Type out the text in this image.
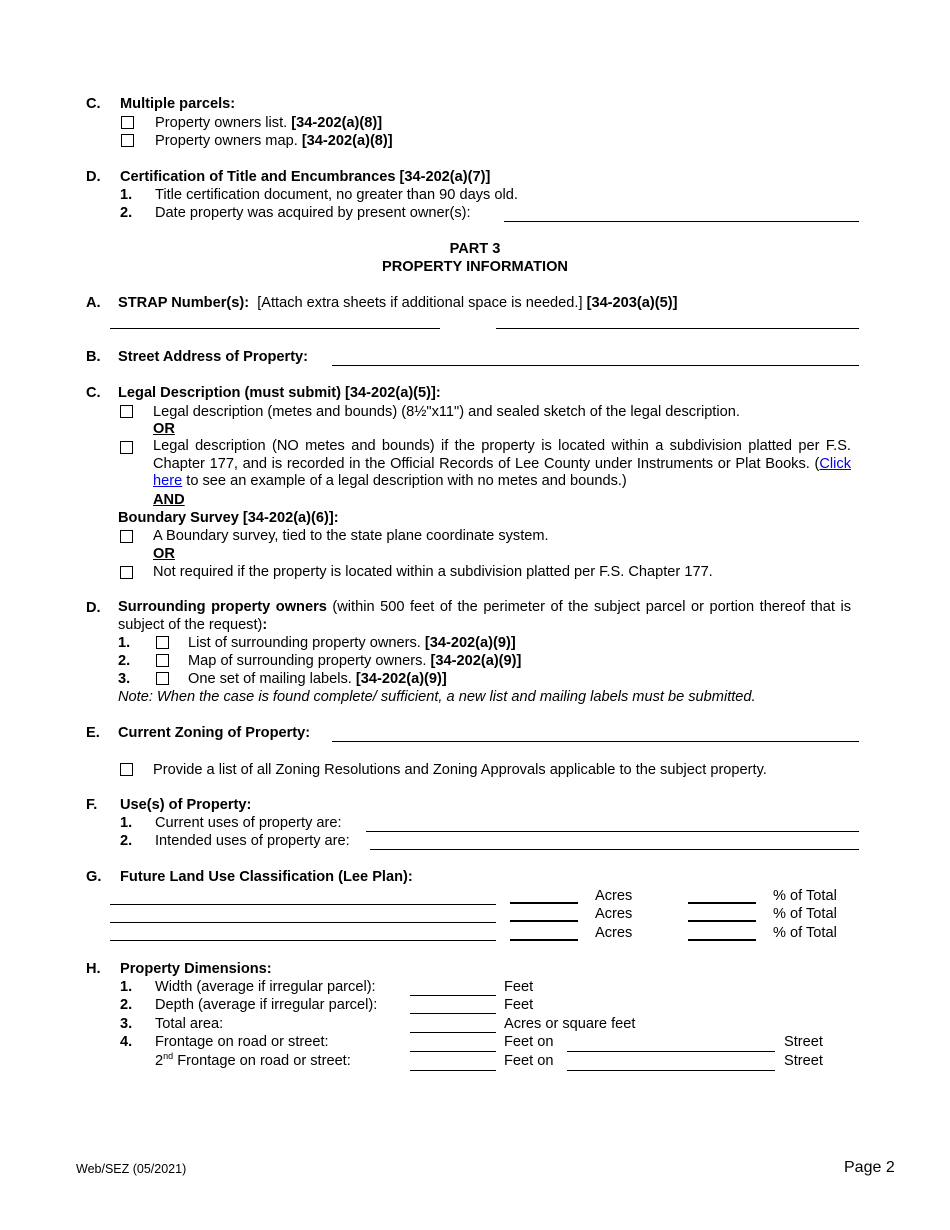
C. Multiple parcels:
Property owners list. [34-202(a)(8)]
Property owners map. [34-202(a)(8)]
D. Certification of Title and Encumbrances [34-202(a)(7)]
1. Title certification document, no greater than 90 days old.
2. Date property was acquired by present owner(s):
PART 3
PROPERTY INFORMATION
A. STRAP Number(s): [Attach extra sheets if additional space is needed.] [34-203(a)(5)]
B. Street Address of Property:
C. Legal Description (must submit) [34-202(a)(5)]:
Legal description (metes and bounds) (8½"x11") and sealed sketch of the legal description.
OR
Legal description (NO metes and bounds) if the property is located within a subdivision platted per F.S. Chapter 177, and is recorded in the Official Records of Lee County under Instruments or Plat Books. (Click here to see an example of a legal description with no metes and bounds.)
AND
Boundary Survey [34-202(a)(6)]:
A Boundary survey, tied to the state plane coordinate system.
OR
Not required if the property is located within a subdivision platted per F.S. Chapter 177.
D. Surrounding property owners (within 500 feet of the perimeter of the subject parcel or portion thereof that is subject of the request):
1.	List of surrounding property owners. [34-202(a)(9)]
2.	Map of surrounding property owners. [34-202(a)(9)]
3.	One set of mailing labels. [34-202(a)(9)]
Note: When the case is found complete/ sufficient, a new list and mailing labels must be submitted.
E. Current Zoning of Property:
Provide a list of all Zoning Resolutions and Zoning Approvals applicable to the subject property.
F. Use(s) of Property:
1. Current uses of property are:
2. Intended uses of property are:
G. Future Land Use Classification (Lee Plan):
Acres	% of Total
Acres	% of Total
Acres	% of Total
H. Property Dimensions:
1. Width (average if irregular parcel):	Feet
2. Depth (average if irregular parcel):	Feet
3. Total area:	Acres or square feet
4. Frontage on road or street:	Feet on	Street
2nd Frontage on road or street:	Feet on	Street
Web/SEZ (05/2021)	Page 2
